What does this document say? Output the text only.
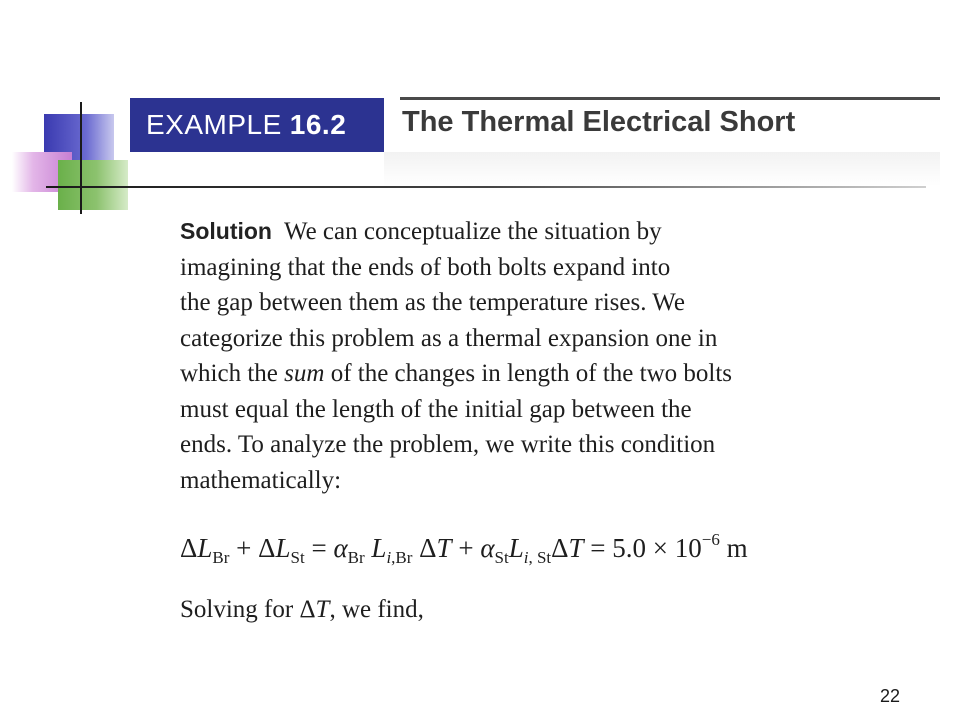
EXAMPLE 16.2 The Thermal Electrical Short
Solution We can conceptualize the situation by
imagining that the ends of both bolts expand into
the gap between them as the temperature rises. We
categorize this problem as a thermal expansion one in
which the sum of the changes in length of the two bolts
must equal the length of the initial gap between the
ends. To analyze the problem, we write this condition
mathematically:
$\Delta L_{Br} + \Delta L_{St} = \alpha_{Br}$ $L_{i,Br}$ $\Delta T + \alpha_{St}L_{i, St}\Delta T = 5.0 \times 10^{-6}$ m
Solving for ΔT, we find,
22
